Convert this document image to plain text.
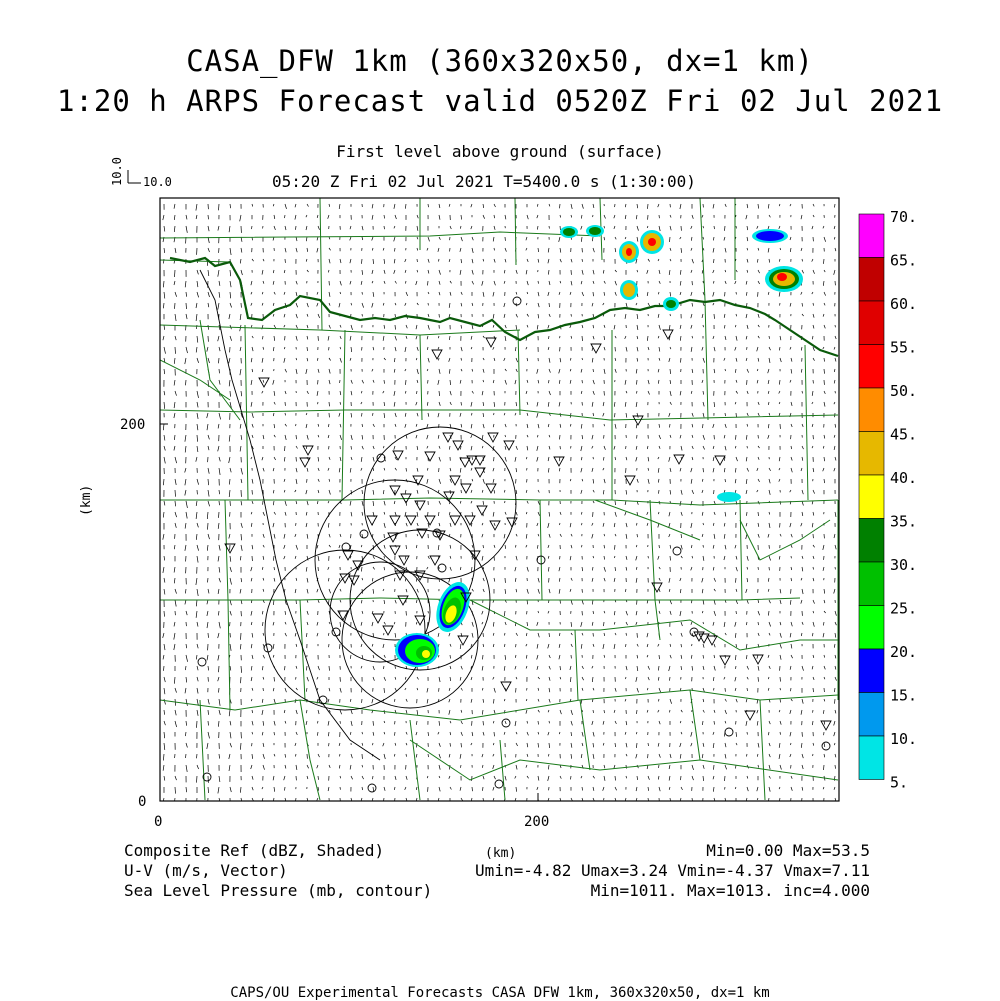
CASA_DFW 1km (360x320x50, dx=1 km)
1:20 h ARPS Forecast valid 0520Z Fri 02 Jul 2021
First level above ground (surface)
05:20 Z Fri 02 Jul 2021 T=5400.0 s (1:30:00)
10.0 10.0
0	200
0
200
(km)
(km)
70.
65.
60.
55.
50.
45.
40.
35.
30.
25.
20.
15.
10.
5.
Composite Ref (dBZ, Shaded)	Min=0.00 Max=53.5
U-V (m/s, Vector)	Umin=-4.82 Umax=3.24 Vmin=-4.37 Vmax=7.11
Sea Level Pressure (mb, contour)	Min=1011. Max=1013. inc=4.000
CAPS/OU Experimental Forecasts CASA DFW 1km, 360x320x50, dx=1 km
